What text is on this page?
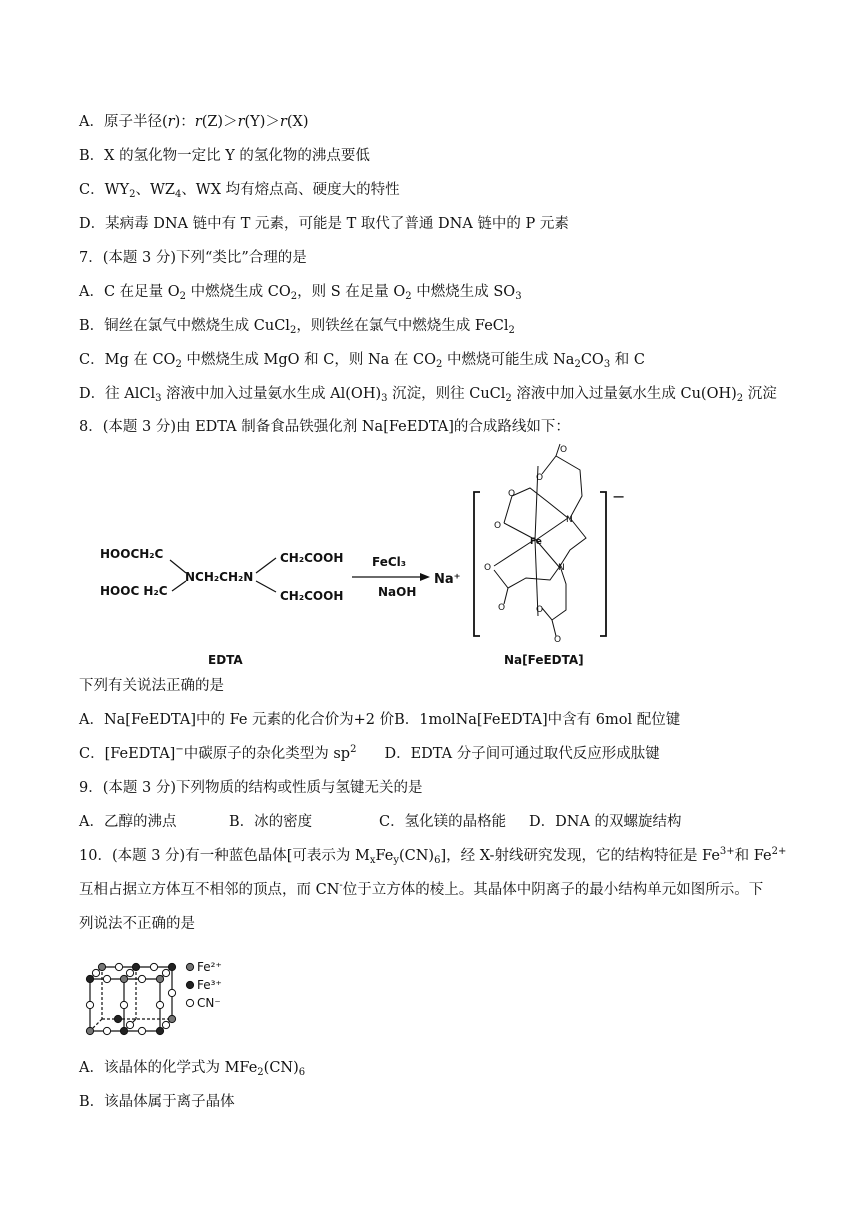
A．原子半径(r)：r(Z)＞r(Y)＞r(X)
B．X 的氢化物一定比 Y 的氢化物的沸点要低
C．$WY_2$、$WZ_4$、WX 均有熔点高、硬度大的特性
D．某病毒 DNA 链中有 T 元素，可能是 T 取代了普通 DNA 链中的 P 元素
7．(本题 3 分)下列“类比”合理的是
A．C 在足量 $O_2$ 中燃烧生成 $CO_2$，则 S 在足量 $O_2$ 中燃烧生成 $SO_3$
B．铜丝在氯气中燃烧生成 CuCl$_2$，则铁丝在氯气中燃烧生成 FeCl$_2$
C．Mg 在 $CO_2$ 中燃烧生成 MgO 和 C，则 Na 在 $CO_2$ 中燃烧可能生成 $Na_2CO_3$ 和 C
D．往 AlCl$_3$ 溶液中加入过量氨水生成 $Al(OH)_3$ 沉淀，则往 CuCl$_2$ 溶液中加入过量氨水生成 $Cu(OH)_2$ 沉淀
8．(本题 3 分)由 EDTA 制备食品铁强化剂 Na[FeEDTA]的合成路线如下：
HOOCH₂C
HOOC H₂C
NCH₂CH₂N
CH₂COOH
CH₂COOH
FeCl₃
NaOH
Na⁺
−
Fe
N
N
O
O
O
O
O
O	O
O
EDTA	Na[FeEDTA]
下列有关说法正确的是
A．Na[FeEDTA]中的 Fe 元素的化合价为+2 价B．1molNa[FeEDTA]中含有 6mol 配位键
C．[FeEDTA]−中碳原子的杂化类型为 $sp^2$ D．EDTA 分子间可通过取代反应形成肽键
9．(本题 3 分)下列物质的结构或性质与氢键无关的是
A．乙醇的沸点	B．冰的密度	C．氢化镁的晶格能 D．DNA 的双螺旋结构
10．(本题 3 分)有一种蓝色晶体[可表示为 $M_xFe_y(CN)_6$]，经 X-射线研究发现，它的结构特征是 $Fe^{3+}$和 $Fe^{2+}$
互相占据立方体互不相邻的顶点，而 CN-位于立方体的棱上。其晶体中阴离子的最小结构单元如图所示。下
列说法不正确的是
Fe²⁺
Fe³⁺
CN⁻
A．该晶体的化学式为 $MFe_2(CN)_6$
B．该晶体属于离子晶体
